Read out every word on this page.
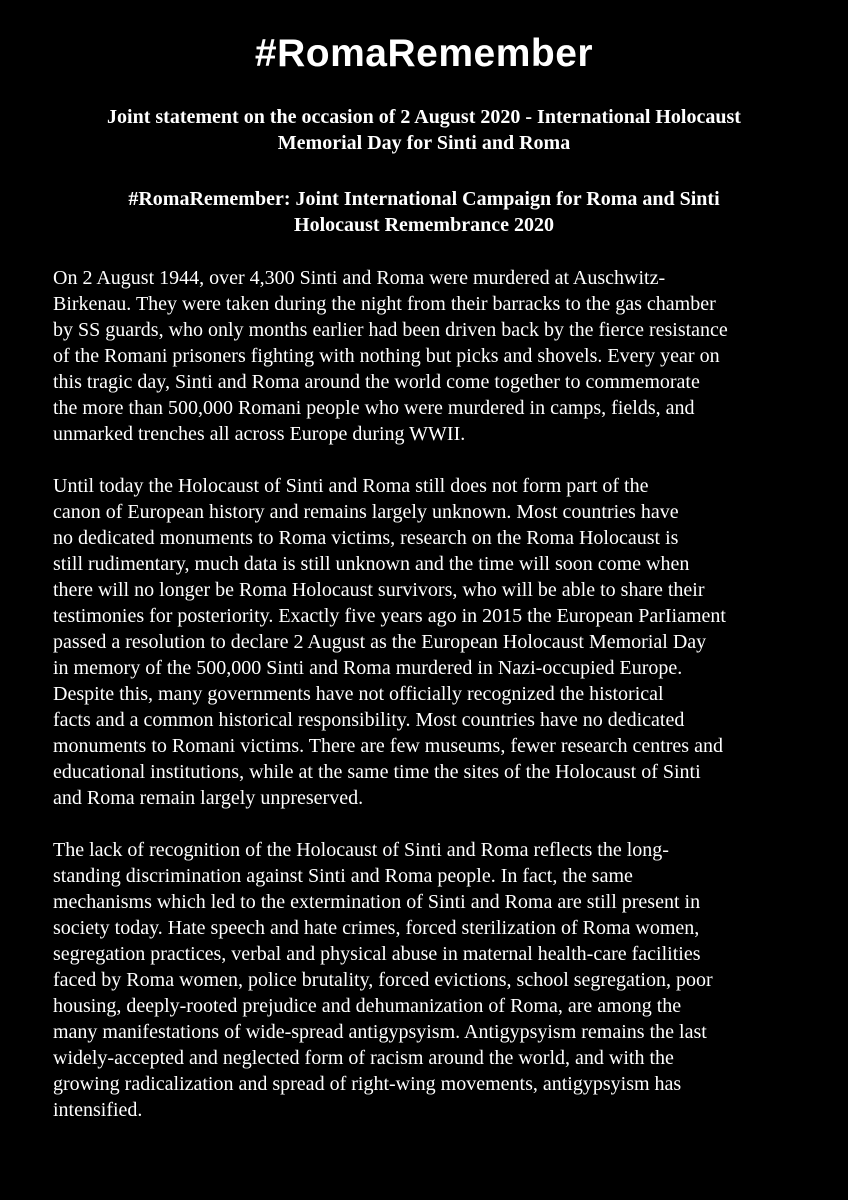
#RomaRemember
Joint statement on the occasion of 2 August 2020 - International Holocaust
Memorial Day for Sinti and Roma
#RomaRemember: Joint International Campaign for Roma and Sinti
Holocaust Remembrance 2020

On 2 August 1944, over 4,300 Sinti and Roma were murdered at Auschwitz-
Birkenau. They were taken during the night from their barracks to the gas chamber
by SS guards, who only months earlier had been driven back by the fierce resistance
of the Romani prisoners fighting with nothing but picks and shovels. Every year on
this tragic day, Sinti and Roma around the world come together to commemorate
the more than 500,000 Romani people who were murdered in camps, fields, and
unmarked trenches all across Europe during WWII.

Until today the Holocaust of Sinti and Roma still does not form part of the
canon of European history and remains largely unknown. Most countries have
no dedicated monuments to Roma victims, research on the Roma Holocaust is
still rudimentary, much data is still unknown and the time will soon come when
there will no longer be Roma Holocaust survivors, who will be able to share their
testimonies for posteriority. Exactly five years ago in 2015 the European ParIiament
passed a resolution to declare 2 August as the European Holocaust Memorial Day
in memory of the 500,000 Sinti and Roma murdered in Nazi-occupied Europe.
Despite this, many governments have not officially recognized the historical
facts and a common historical responsibility. Most countries have no dedicated
monuments to Romani victims. There are few museums, fewer research centres and
educational institutions, while at the same time the sites of the Holocaust of Sinti
and Roma remain largely unpreserved.

The lack of recognition of the Holocaust of Sinti and Roma reflects the long-
standing discrimination against Sinti and Roma people. In fact, the same
mechanisms which led to the extermination of Sinti and Roma are still present in
society today. Hate speech and hate crimes, forced sterilization of Roma women,
segregation practices, verbal and physical abuse in maternal health-care facilities
faced by Roma women, police brutality, forced evictions, school segregation, poor
housing, deeply-rooted prejudice and dehumanization of Roma, are among the
many manifestations of wide-spread antigypsyism. Antigypsyism remains the last
widely-accepted and neglected form of racism around the world, and with the
growing radicalization and spread of right-wing movements, antigypsyism has
intensified.
